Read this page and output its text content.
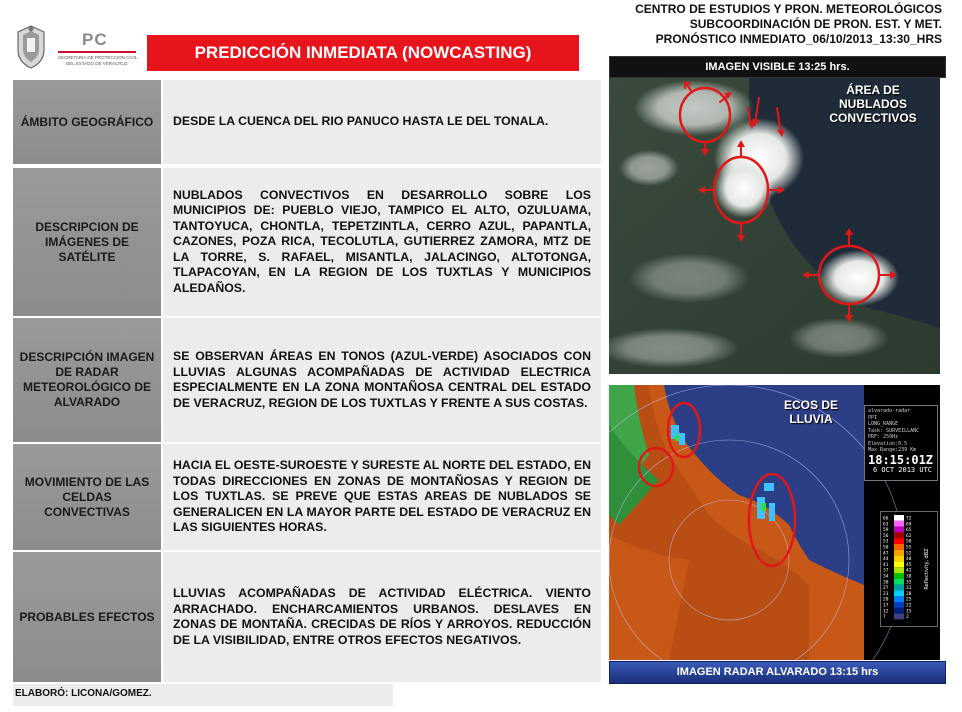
PC
SECRETARÍA DE PROTECCIÓN CIVIL
DEL ESTADO DE VERACRUZ
PREDICCIÓN INMEDIATA (NOWCASTING)
CENTRO DE ESTUDIOS Y PRON. METEOROLÓGICOS
SUBCOORDINACIÓN DE PRON. EST. Y MET.
PRONÓSTICO INMEDIATO_06/10/2013_13:30_HRS
ÁMBITO GEOGRÁFICO	DESDE LA CUENCA DEL RIO PANUCO HASTA LE DEL TONALA.
DESCRIPCION DE IMÁGENES DE SATÉLITE
NUBLADOS CONVECTIVOS EN DESARROLLO SOBRE LOS MUNICIPIOS DE: PUEBLO VIEJO, TAMPICO EL ALTO, OZULUAMA, TANTOYUCA, CHONTLA, TEPETZINTLA, CERRO AZUL, PAPANTLA, CAZONES, POZA RICA, TECOLUTLA, GUTIERREZ ZAMORA, MTZ DE LA TORRE, S. RAFAEL, MISANTLA, JALACINGO, ALTOTONGA, TLAPACOYAN, EN LA REGION DE LOS TUXTLAS Y MUNICIPIOS ALEDAÑOS.
DESCRIPCIÓN IMAGEN DE RADAR METEOROLÓGICO DE ALVARADO
SE OBSERVAN ÁREAS EN TONOS (AZUL-VERDE) ASOCIADOS CON LLUVIAS ALGUNAS ACOMPAÑADAS DE ACTIVIDAD ELECTRICA ESPECIALMENTE EN LA ZONA MONTAÑOSA CENTRAL DEL ESTADO DE VERACRUZ, REGION DE LOS TUXTLAS Y FRENTE A SUS COSTAS.
MOVIMIENTO DE LAS CELDAS CONVECTIVAS
HACIA EL OESTE-SUROESTE Y SURESTE AL NORTE DEL ESTADO, EN TODAS DIRECCIONES EN ZONAS DE MONTAÑOSAS Y REGION DE LOS TUXTLAS. SE PREVE QUE ESTAS AREAS DE NUBLADOS SE GENERALICEN EN LA MAYOR PARTE DEL ESTADO DE VERACRUZ EN LAS SIGUIENTES HORAS.
PROBABLES EFECTOS
LLUVIAS ACOMPAÑADAS DE ACTIVIDAD ELÉCTRICA. VIENTO ARRACHADO. ENCHARCAMIENTOS URBANOS. DESLAVES EN ZONAS DE MONTAÑA. CRECIDAS DE RÍOS Y ARROYOS. REDUCCIÓN DE LA VISIBILIDAD, ENTRE OTROS EFECTOS NEGATIVOS.
ELABORÓ: LICONA/GOMEZ.
IMAGEN VISIBLE 13:25 hrs.
ÁREA DE NUBLADOS CONVECTIVOS
ECOS DE LLUVIA
alvarado-radar
PPI
LONG_RANGE
Task: SURVEILLANC
PRF: 250Hz
Elevation:0.5
Max Range:239 Km
18:15:01Z
6 OCT 2013 UTC
66
63
59
56
53
50
47
44
41
37
34
30
27
23
20
17
12
7
72
69
65
62
58
55
52
48
45
42
38
35
31
28
25
22
15
2
Reflectivity, dBZ
IMAGEN RADAR ALVARADO 13:15 hrs
